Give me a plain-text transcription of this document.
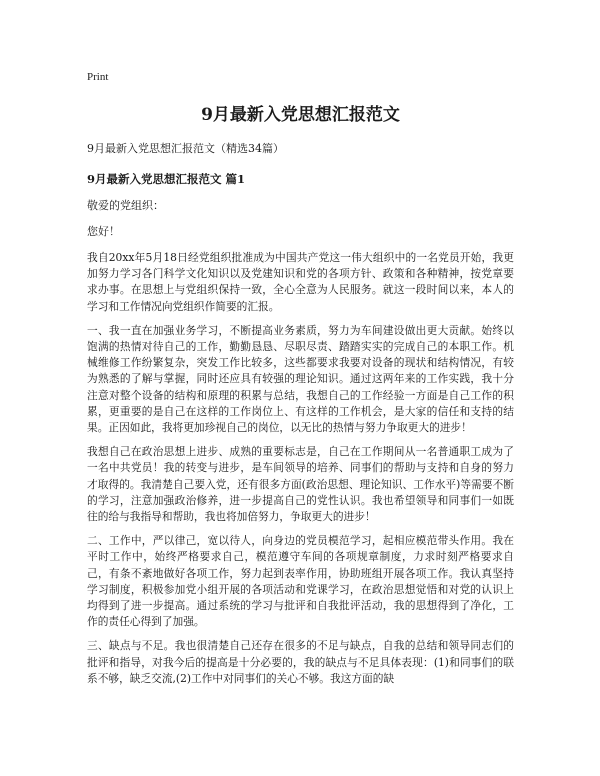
Print
9月最新入党思想汇报范文
9月最新入党思想汇报范文（精选34篇）
9月最新入党思想汇报范文 篇1
敬爱的党组织：
您好！

我自20xx年5月18日经党组织批准成为中国共产党这一伟大组织中的一名党员开始，我更加努力学习各门科学文化知识以及党建知识和党的各项方针、政策和各种精神，按党章要求办事。在思想上与党组织保持一致，全心全意为人民服务。就这一段时间以来，本人的学习和工作情况向党组织作简要的汇报。

一、我一直在加强业务学习，不断提高业务素质，努力为车间建设做出更大贡献。始终以饱满的热情对待自己的工作，勤勤恳恳、尽职尽责、踏踏实实的完成自己的本职工作。机械维修工作纷繁复杂，突发工作比较多，这些都要求我要对设备的现状和结构情况，有较为熟悉的了解与掌握，同时还应具有较强的理论知识。通过这两年来的工作实践，我十分注意对整个设备的结构和原理的积累与总结，我想自己的工作经验一方面是自己工作的积累，更重要的是自己在这样的工作岗位上、有这样的工作机会，是大家的信任和支持的结果。正因如此，我将更加珍视自己的岗位，以无比的热情与努力争取更大的进步！

我想自己在政治思想上进步、成熟的重要标志是，自己在工作期间从一名普通职工成为了一名中共党员！我的转变与进步，是车间领导的培养、同事们的帮助与支持和自身的努力才取得的。我清楚自己要入党，还有很多方面(政治思想、理论知识、工作水平)等需要不断的学习，注意加强政治修养，进一步提高自己的党性认识。我也希望领导和同事们一如既往的给与我指导和帮助，我也将加倍努力，争取更大的进步！

二、工作中，严以律己，宽以待人，向身边的党员模范学习，起相应模范带头作用。我在平时工作中，始终严格要求自己，模范遵守车间的各项规章制度，力求时刻严格要求自己，有条不紊地做好各项工作，努力起到表率作用，协助班组开展各项工作。我认真坚持学习制度，积极参加党小组开展的各项活动和党课学习，在政治思想觉悟和对党的认识上均得到了进一步提高。通过系统的学习与批评和自我批评活动，我的思想得到了净化，工作的责任心得到了加强。

三、缺点与不足。我也很清楚自己还存在很多的不足与缺点，自我的总结和领导同志们的批评和指导，对我今后的提高是十分必要的，我的缺点与不足具体表现：(1)和同事们的联系不够，缺乏交流,(2)工作中对同事们的关心不够。我这方面的缺
